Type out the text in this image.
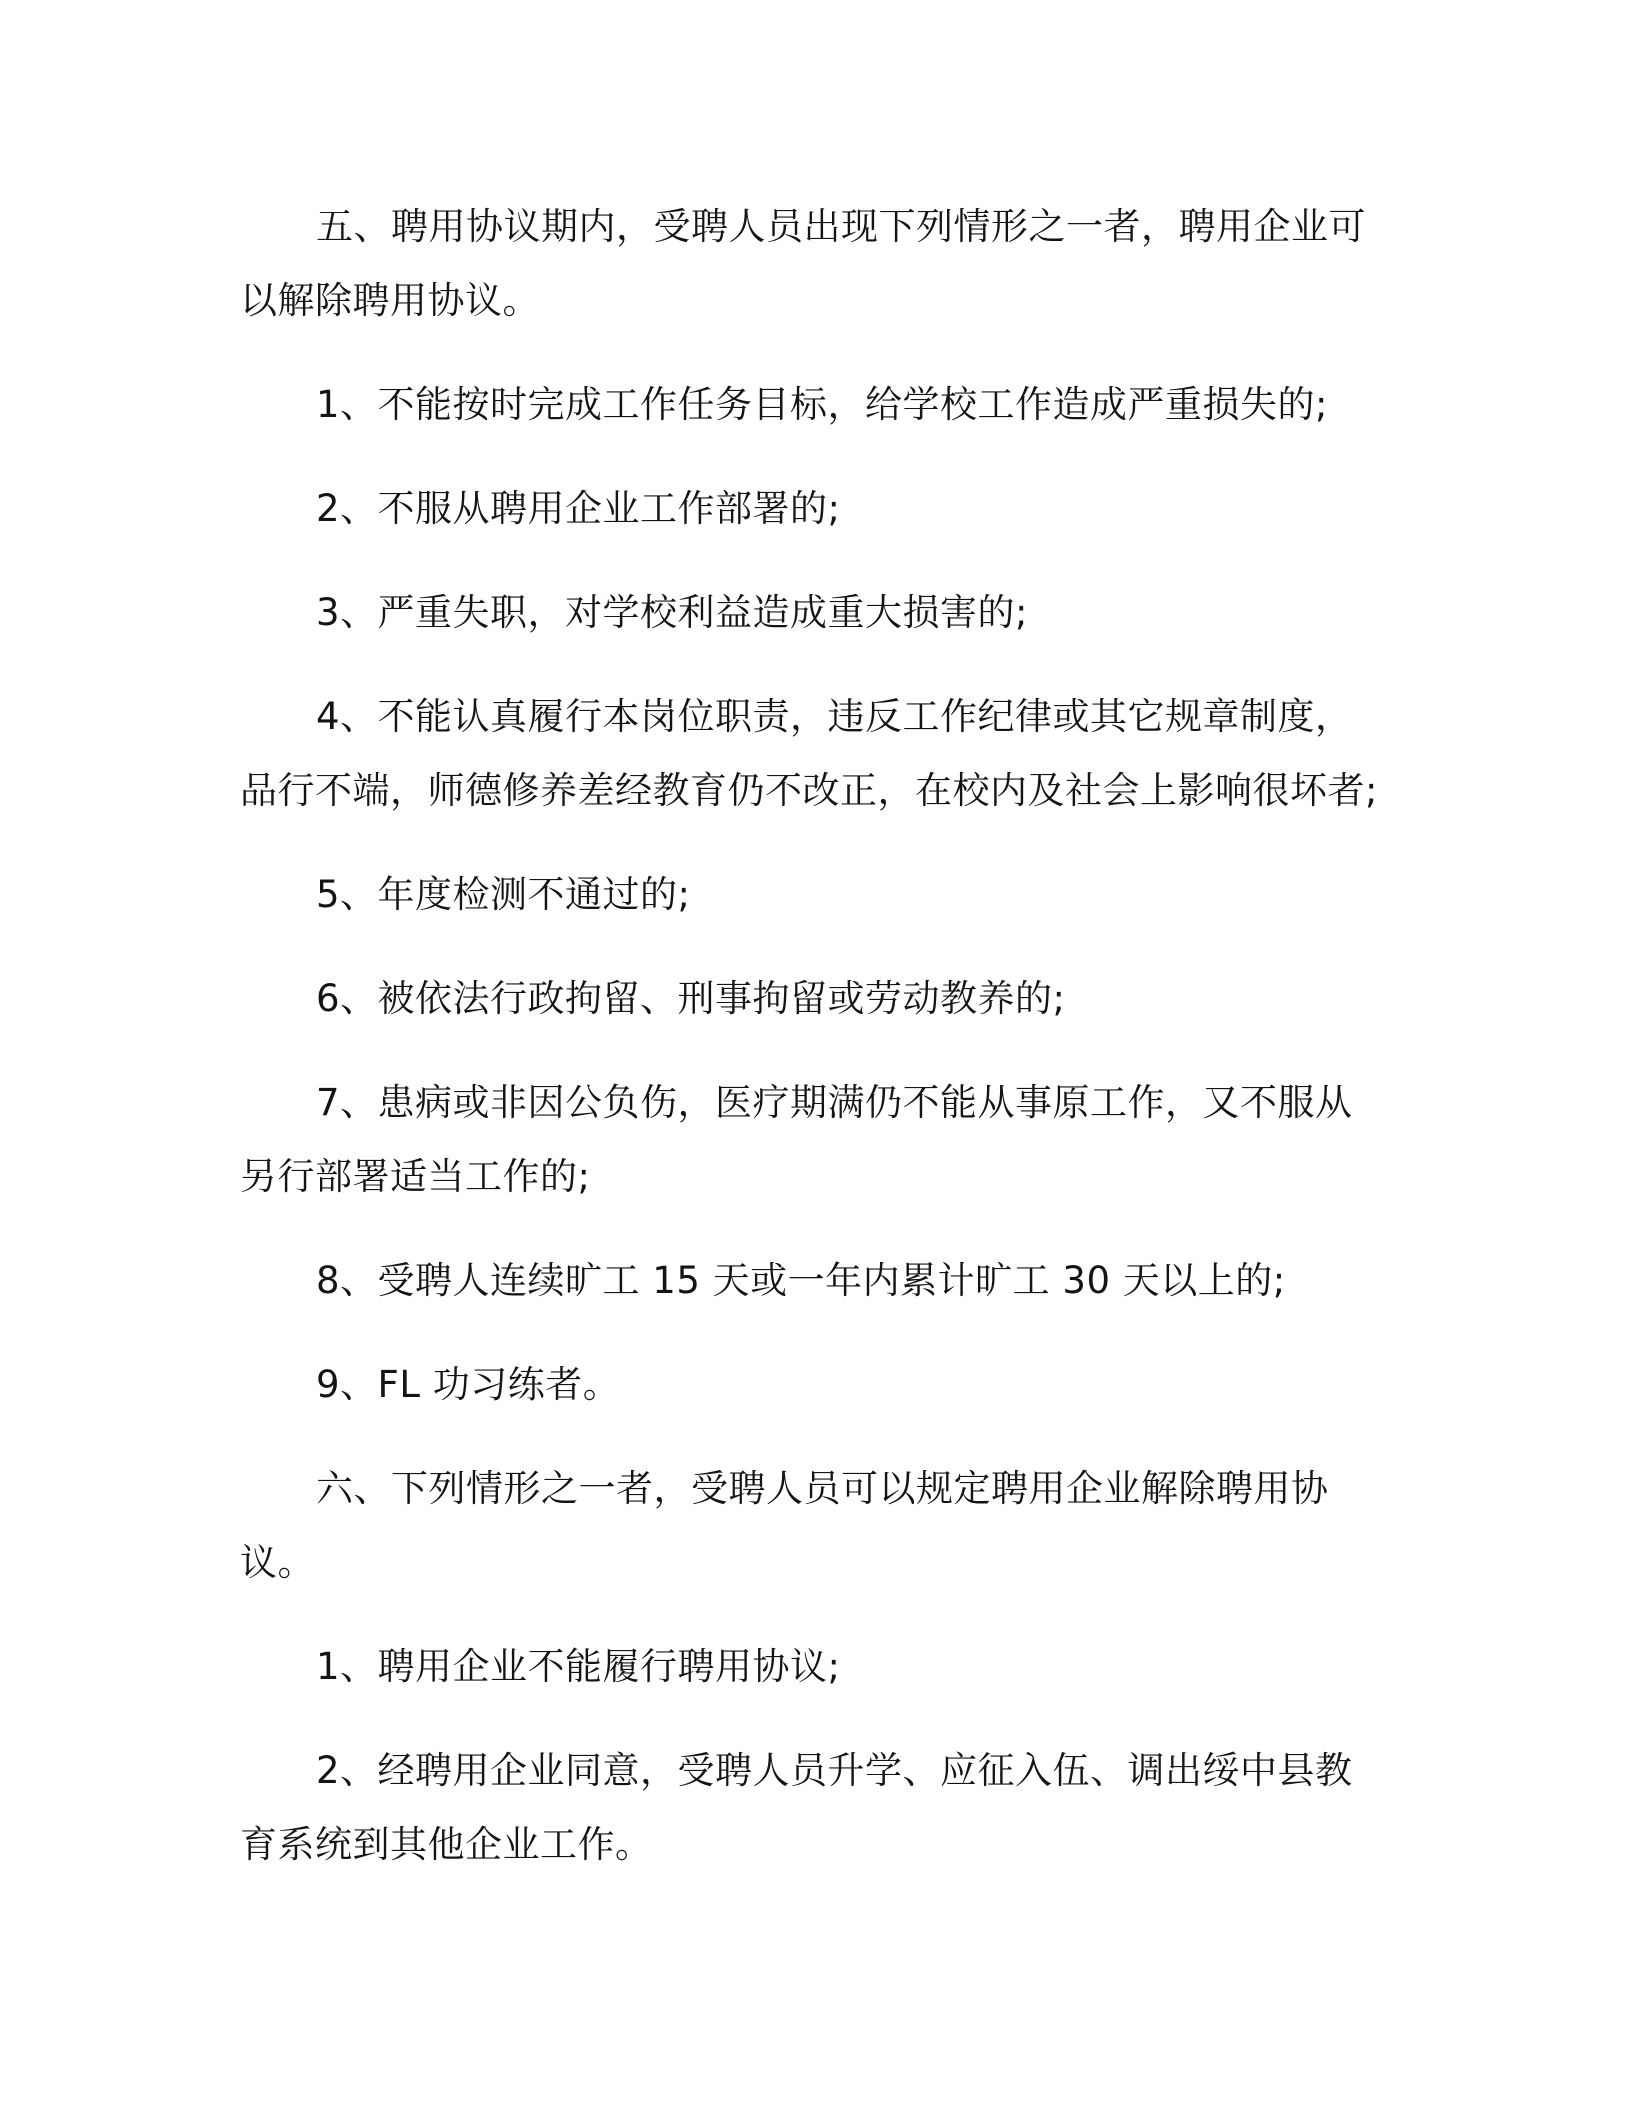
五、聘用协议期内，受聘人员出现下列情形之一者，聘用企业可以解除聘用协议。

1、不能按时完成工作任务目标，给学校工作造成严重损失的;

2、不服从聘用企业工作部署的;

3、严重失职，对学校利益造成重大损害的;

4、不能认真履行本岗位职责，违反工作纪律或其它规章制度，品行不端，师德修养差经教育仍不改正，在校内及社会上影响很坏者;

5、年度检测不通过的;

6、被依法行政拘留、刑事拘留或劳动教养的;

7、患病或非因公负伤，医疗期满仍不能从事原工作，又不服从另行部署适当工作的;

8、受聘人连续旷工 15 天或一年内累计旷工 30 天以上的;

9、FL 功习练者。

六、下列情形之一者，受聘人员可以规定聘用企业解除聘用协议。

1、聘用企业不能履行聘用协议;

2、经聘用企业同意，受聘人员升学、应征入伍、调出绥中县教育系统到其他企业工作。
